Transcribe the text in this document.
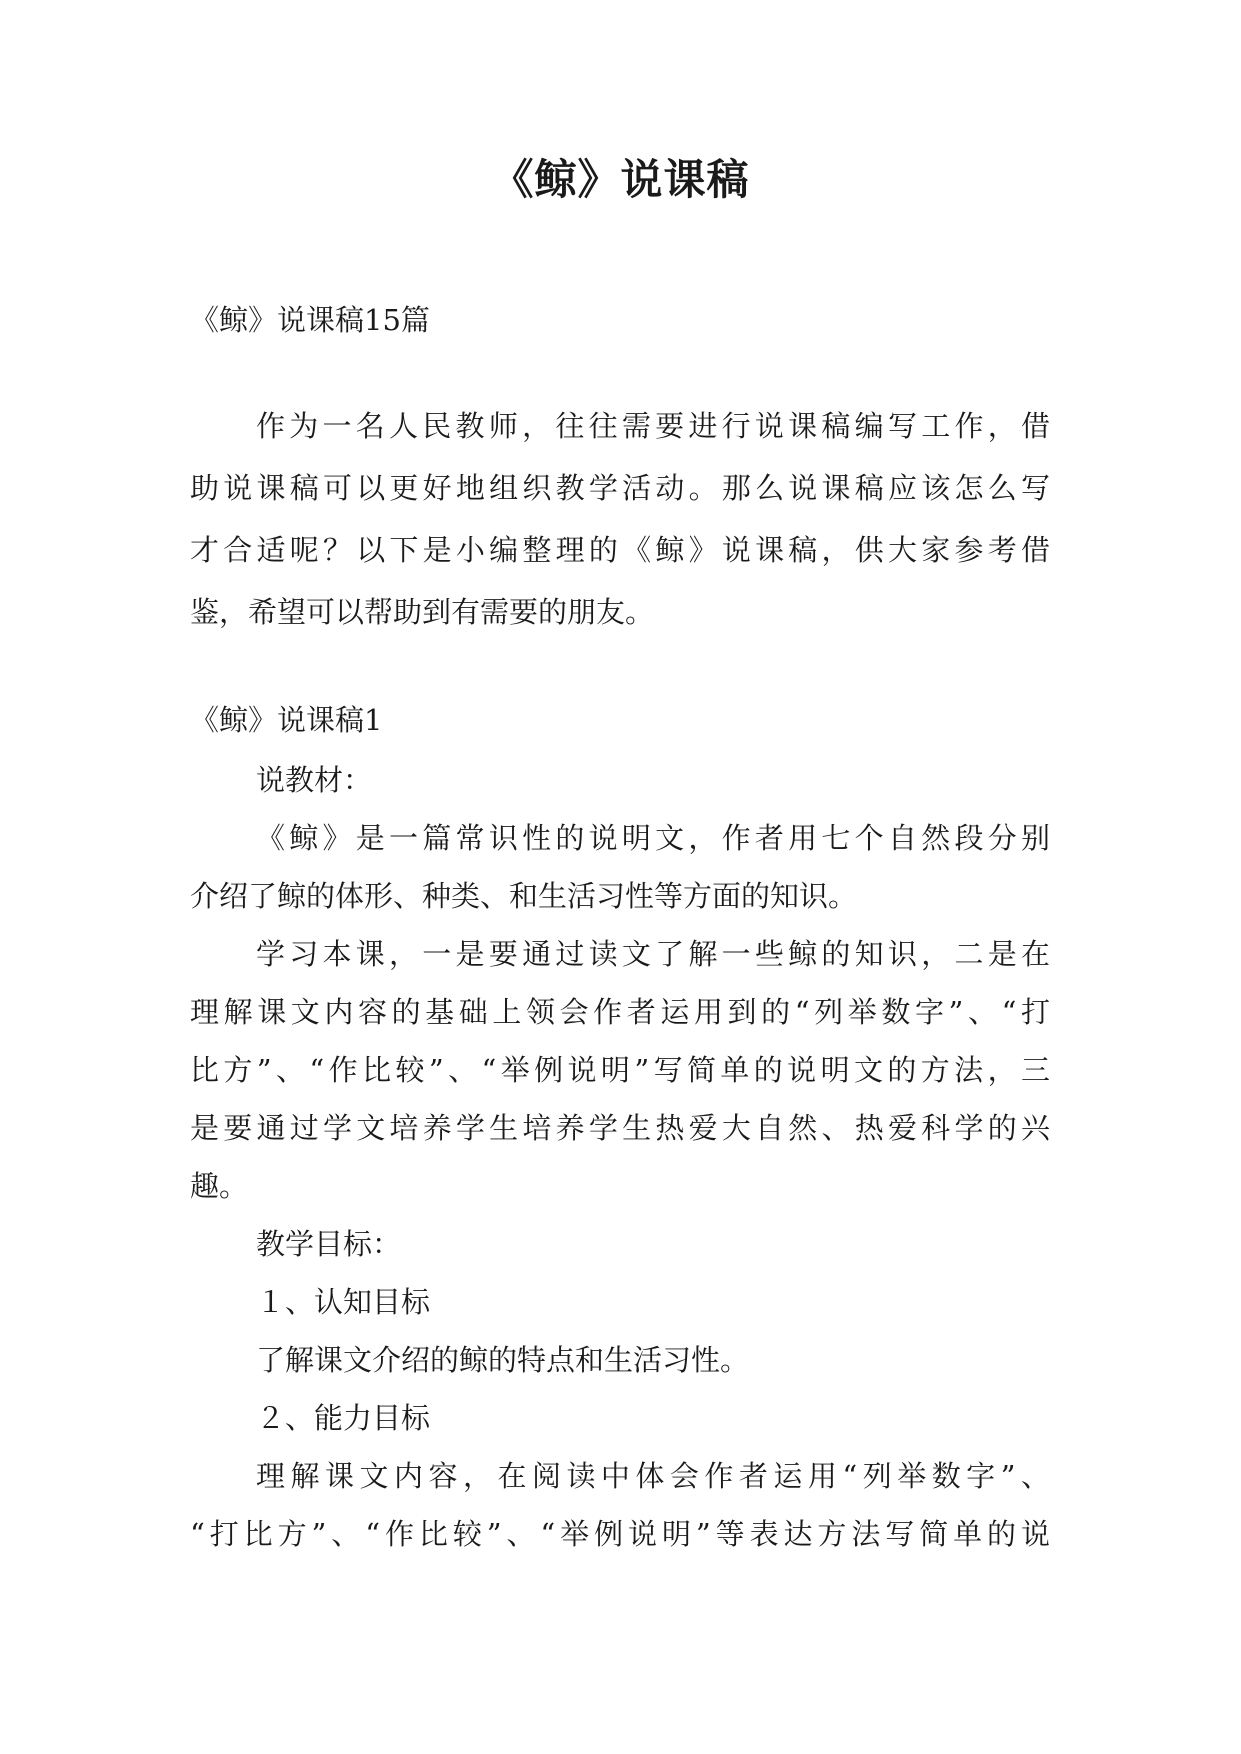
《鲸》说课稿
《鲸》说课稿15篇
作为一名人民教师，往往需要进行说课稿编写工作，借
助说课稿可以更好地组织教学活动。那么说课稿应该怎么写
才合适呢？以下是小编整理的《鲸》说课稿，供大家参考借
鉴，希望可以帮助到有需要的朋友。
《鲸》说课稿1
说教材：
《鲸》是一篇常识性的说明文，作者用七个自然段分别
介绍了鲸的体形、种类、和生活习性等方面的知识。
学习本课，一是要通过读文了解一些鲸的知识，二是在
理解课文内容的基础上领会作者运用到的“列举数字”、“打
比方”、“作比较”、“举例说明”写简单的说明文的方法，三
是要通过学文培养学生培养学生热爱大自然、热爱科学的兴
趣。
教学目标：
１、认知目标
了解课文介绍的鲸的特点和生活习性。
２、能力目标
理解课文内容，在阅读中体会作者运用“列举数字”、
“打比方”、“作比较”、“举例说明”等表达方法写简单的说
